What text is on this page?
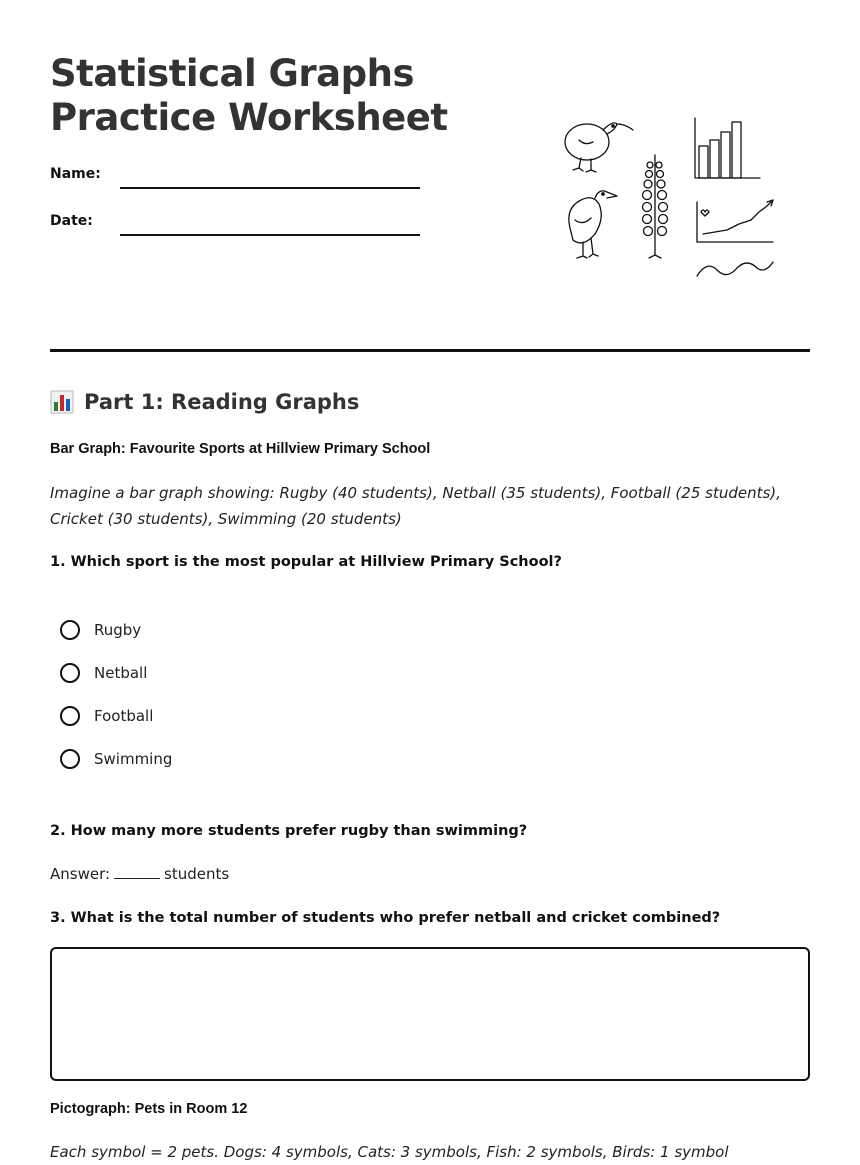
Statistical Graphs
Practice Worksheet
Name:
Date:
Part 1: Reading Graphs
Bar Graph: Favourite Sports at Hillview Primary School
Imagine a bar graph showing: Rugby (40 students), Netball (35 students), Football (25 students), Cricket (30 students), Swimming (20 students)
1. Which sport is the most popular at Hillview Primary School?
Rugby
Netball
Football
Swimming
2. How many more students prefer rugby than swimming?
Answer:	students
3. What is the total number of students who prefer netball and cricket combined?
Pictograph: Pets in Room 12
Each symbol = 2 pets. Dogs: 4 symbols, Cats: 3 symbols, Fish: 2 symbols, Birds: 1 symbol
